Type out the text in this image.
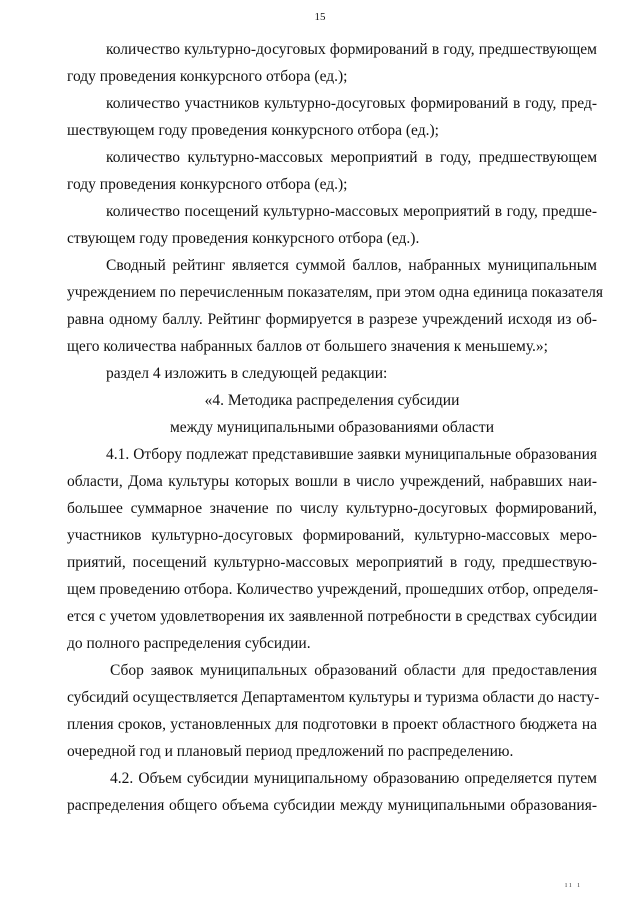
15
количество культурно-досуговых формирований в году, предшествующем
году проведения конкурсного отбора (ед.);
количество участников культурно-досуговых формирований в году, пред-
шествующем году проведения конкурсного отбора (ед.);
количество культурно-массовых мероприятий в году, предшествующем
году проведения конкурсного отбора (ед.);
количество посещений культурно-массовых мероприятий в году, предше-
ствующем году проведения конкурсного отбора (ед.).
Сводный рейтинг является суммой баллов, набранных муниципальным
учреждением по перечисленным показателям, при этом одна единица показателя
равна одному баллу. Рейтинг формируется в разрезе учреждений исходя из об-
щего количества набранных баллов от большего значения к меньшему.»;
раздел 4 изложить в следующей редакции:
«4. Методика распределения субсидии
между муниципальными образованиями области
4.1. Отбору подлежат представившие заявки муниципальные образования
области, Дома культуры которых вошли в число учреждений, набравших наи-
большее суммарное значение по числу культурно-досуговых формирований,
участников культурно-досуговых формирований, культурно-массовых меро-
приятий, посещений культурно-массовых мероприятий в году, предшествую-
щем проведению отбора. Количество учреждений, прошедших отбор, определя-
ется с учетом удовлетворения их заявленной потребности в средствах субсидии
до полного распределения субсидии.
Сбор заявок муниципальных образований области для предоставления
субсидий осуществляется Департаментом культуры и туризма области до насту-
пления сроков, установленных для подготовки в проект областного бюджета на
очередной год и плановый период предложений по распределению.
4.2. Объем субсидии муниципальному образованию определяется путем
распределения общего объема субсидии между муниципальными образования-
ıı ı
